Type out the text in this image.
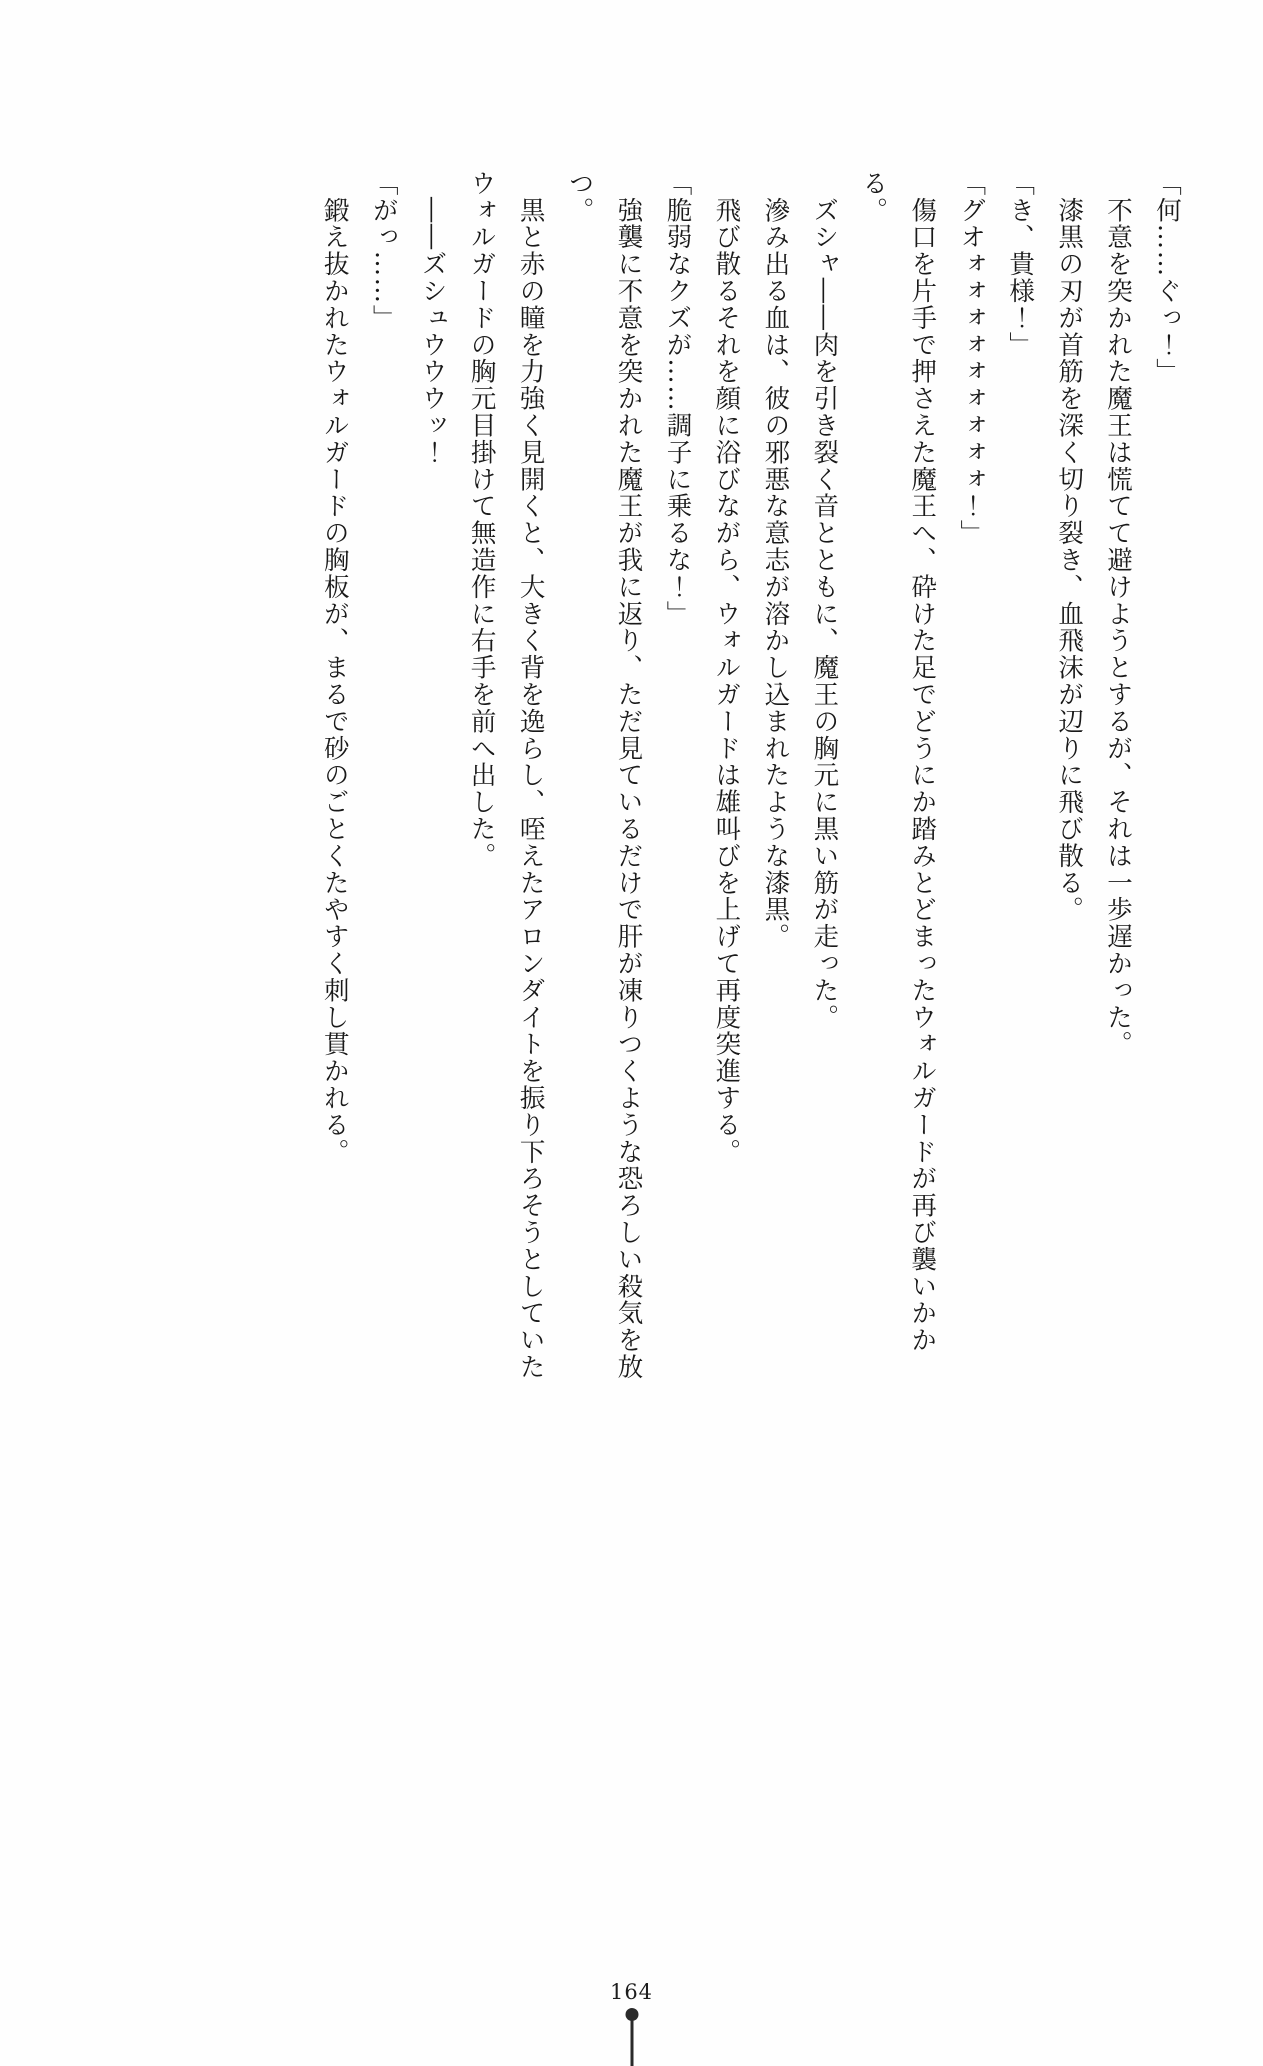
「何……ぐっ！」

　不意を突かれた魔王は慌てて避けようとするが、それは一歩遅かった。

　漆黒の刃が首筋を深く切り裂き、血飛沫が辺りに飛び散る。

「き、貴様！」

「グオォォォォォォォォォ！」

　傷口を片手で押さえた魔王へ、砕けた足でどうにか踏みとどまったウォルガードが再び襲いかかる。

　ズシャ――肉を引き裂く音とともに、魔王の胸元に黒い筋が走った。

　滲み出る血は、彼の邪悪な意志が溶かし込まれたような漆黒。

　飛び散るそれを顔に浴びながら、ウォルガードは雄叫びを上げて再度突進する。

「脆弱なクズが……調子に乗るな！」

　強襲に不意を突かれた魔王が我に返り、ただ見ているだけで肝が凍りつくような恐ろしい殺気を放つ。

　黒と赤の瞳を力強く見開くと、大きく背を逸らし、咥えたアロンダイトを振り下ろそうとしていたウォルガードの胸元目掛けて無造作に右手を前へ出した。

　――ズシュウウウッ！

「がっ……」

　鍛え抜かれたウォルガードの胸板が、まるで砂のごとくたやすく刺し貫かれる。

164
